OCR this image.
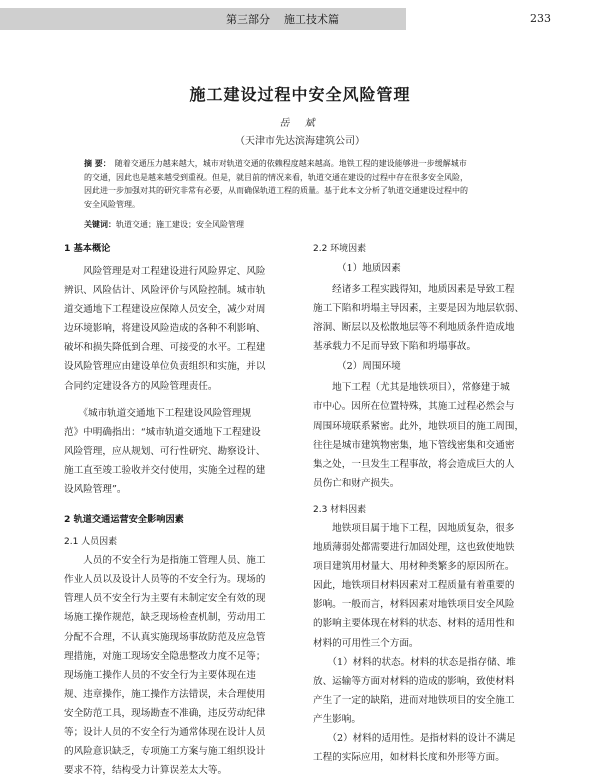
第三部分 施工技术篇	233
施工建设过程中安全风险管理
岳 斌
（天津市先达滨海建筑公司）
摘 要： 随着交通压力越来越大，城市对轨道交通的依赖程度越来越高。地铁工程的建设能够进一步缓解城市
的交通，因此也是越来越受到重视。但是，就目前的情况来看，轨道交通在建设的过程中存在很多安全风险，
因此进一步加强对其的研究非常有必要，从而确保轨道工程的质量。基于此本文分析了轨道交通建设过程中的
安全风险管理。
关键词：轨道交通；施工建设；安全风险管理
1 基本概论
　　风险管理是对工程建设进行风险界定、风险
辨识、风险估计、风险评价与风险控制。城市轨
道交通地下工程建设应保障人员安全，减少对周
边环境影响，将建设风险造成的各种不利影响、
破坏和损失降低到合理、可接受的水平。工程建
设风险管理应由建设单位负责组织和实施，并以
合同约定建设各方的风险管理责任。
　　《城市轨道交通地下工程建设风险管理规
范》中明确指出：“城市轨道交通地下工程建设
风险管理，应从规划、可行性研究、勘察设计、
施工直至竣工验收并交付使用，实施全过程的建
设风险管理”。
2 轨道交通运营安全影响因素
2.1 人员因素
　　人员的不安全行为是指施工管理人员、施工
作业人员以及设计人员等的不安全行为。现场的
管理人员不安全行为主要有未制定安全有效的现
场施工操作规范，缺乏现场检查机制，劳动用工
分配不合理，不认真实施现场事故防范及应急管
理措施，对施工现场安全隐患整改力度不足等；
现场施工操作人员的不安全行为主要体现在违
规、违章操作，施工操作方法错误，未合理使用
安全防范工具，现场勘查不准确，违反劳动纪律
等；设计人员的不安全行为通常体现在设计人员
的风险意识缺乏，专项施工方案与施工组织设计
要求不符，结构受力计算误差太大等。
2.2 环境因素
（1）地质因素
　　经诸多工程实践得知，地质因素是导致工程
施工下陷和坍塌主导因素，主要是因为地层软弱、
溶洞、断层以及松散地层等不利地质条件造成地
基承载力不足而导致下陷和坍塌事故。
（2）周围环境
　　地下工程（尤其是地铁项目），常修建于城
市中心。因所在位置特殊，其施工过程必然会与
周围环境联系紧密。此外，地铁项目的施工周围，
往往是城市建筑物密集，地下管线密集和交通密
集之处，一旦发生工程事故，将会造成巨大的人
员伤亡和财产损失。
2.3 材料因素
　　地铁项目属于地下工程，因地质复杂，很多
地质薄弱处都需要进行加固处理，这也致使地铁
项目建筑用材量大、用材种类繁多的原因所在。
因此，地铁项目材料因素对工程质量有着重要的
影响。一般而言，材料因素对地铁项目安全风险
的影响主要体现在材料的状态、材料的适用性和
材料的可用性三个方面。
　　（1）材料的状态。材料的状态是指存储、堆
放、运输等方面对材料的造成的影响，致使材料
产生了一定的缺陷，进而对地铁项目的安全施工
产生影响。
　　（2）材料的适用性。是指材料的设计不满足
工程的实际应用，如材料长度和外形等方面。
